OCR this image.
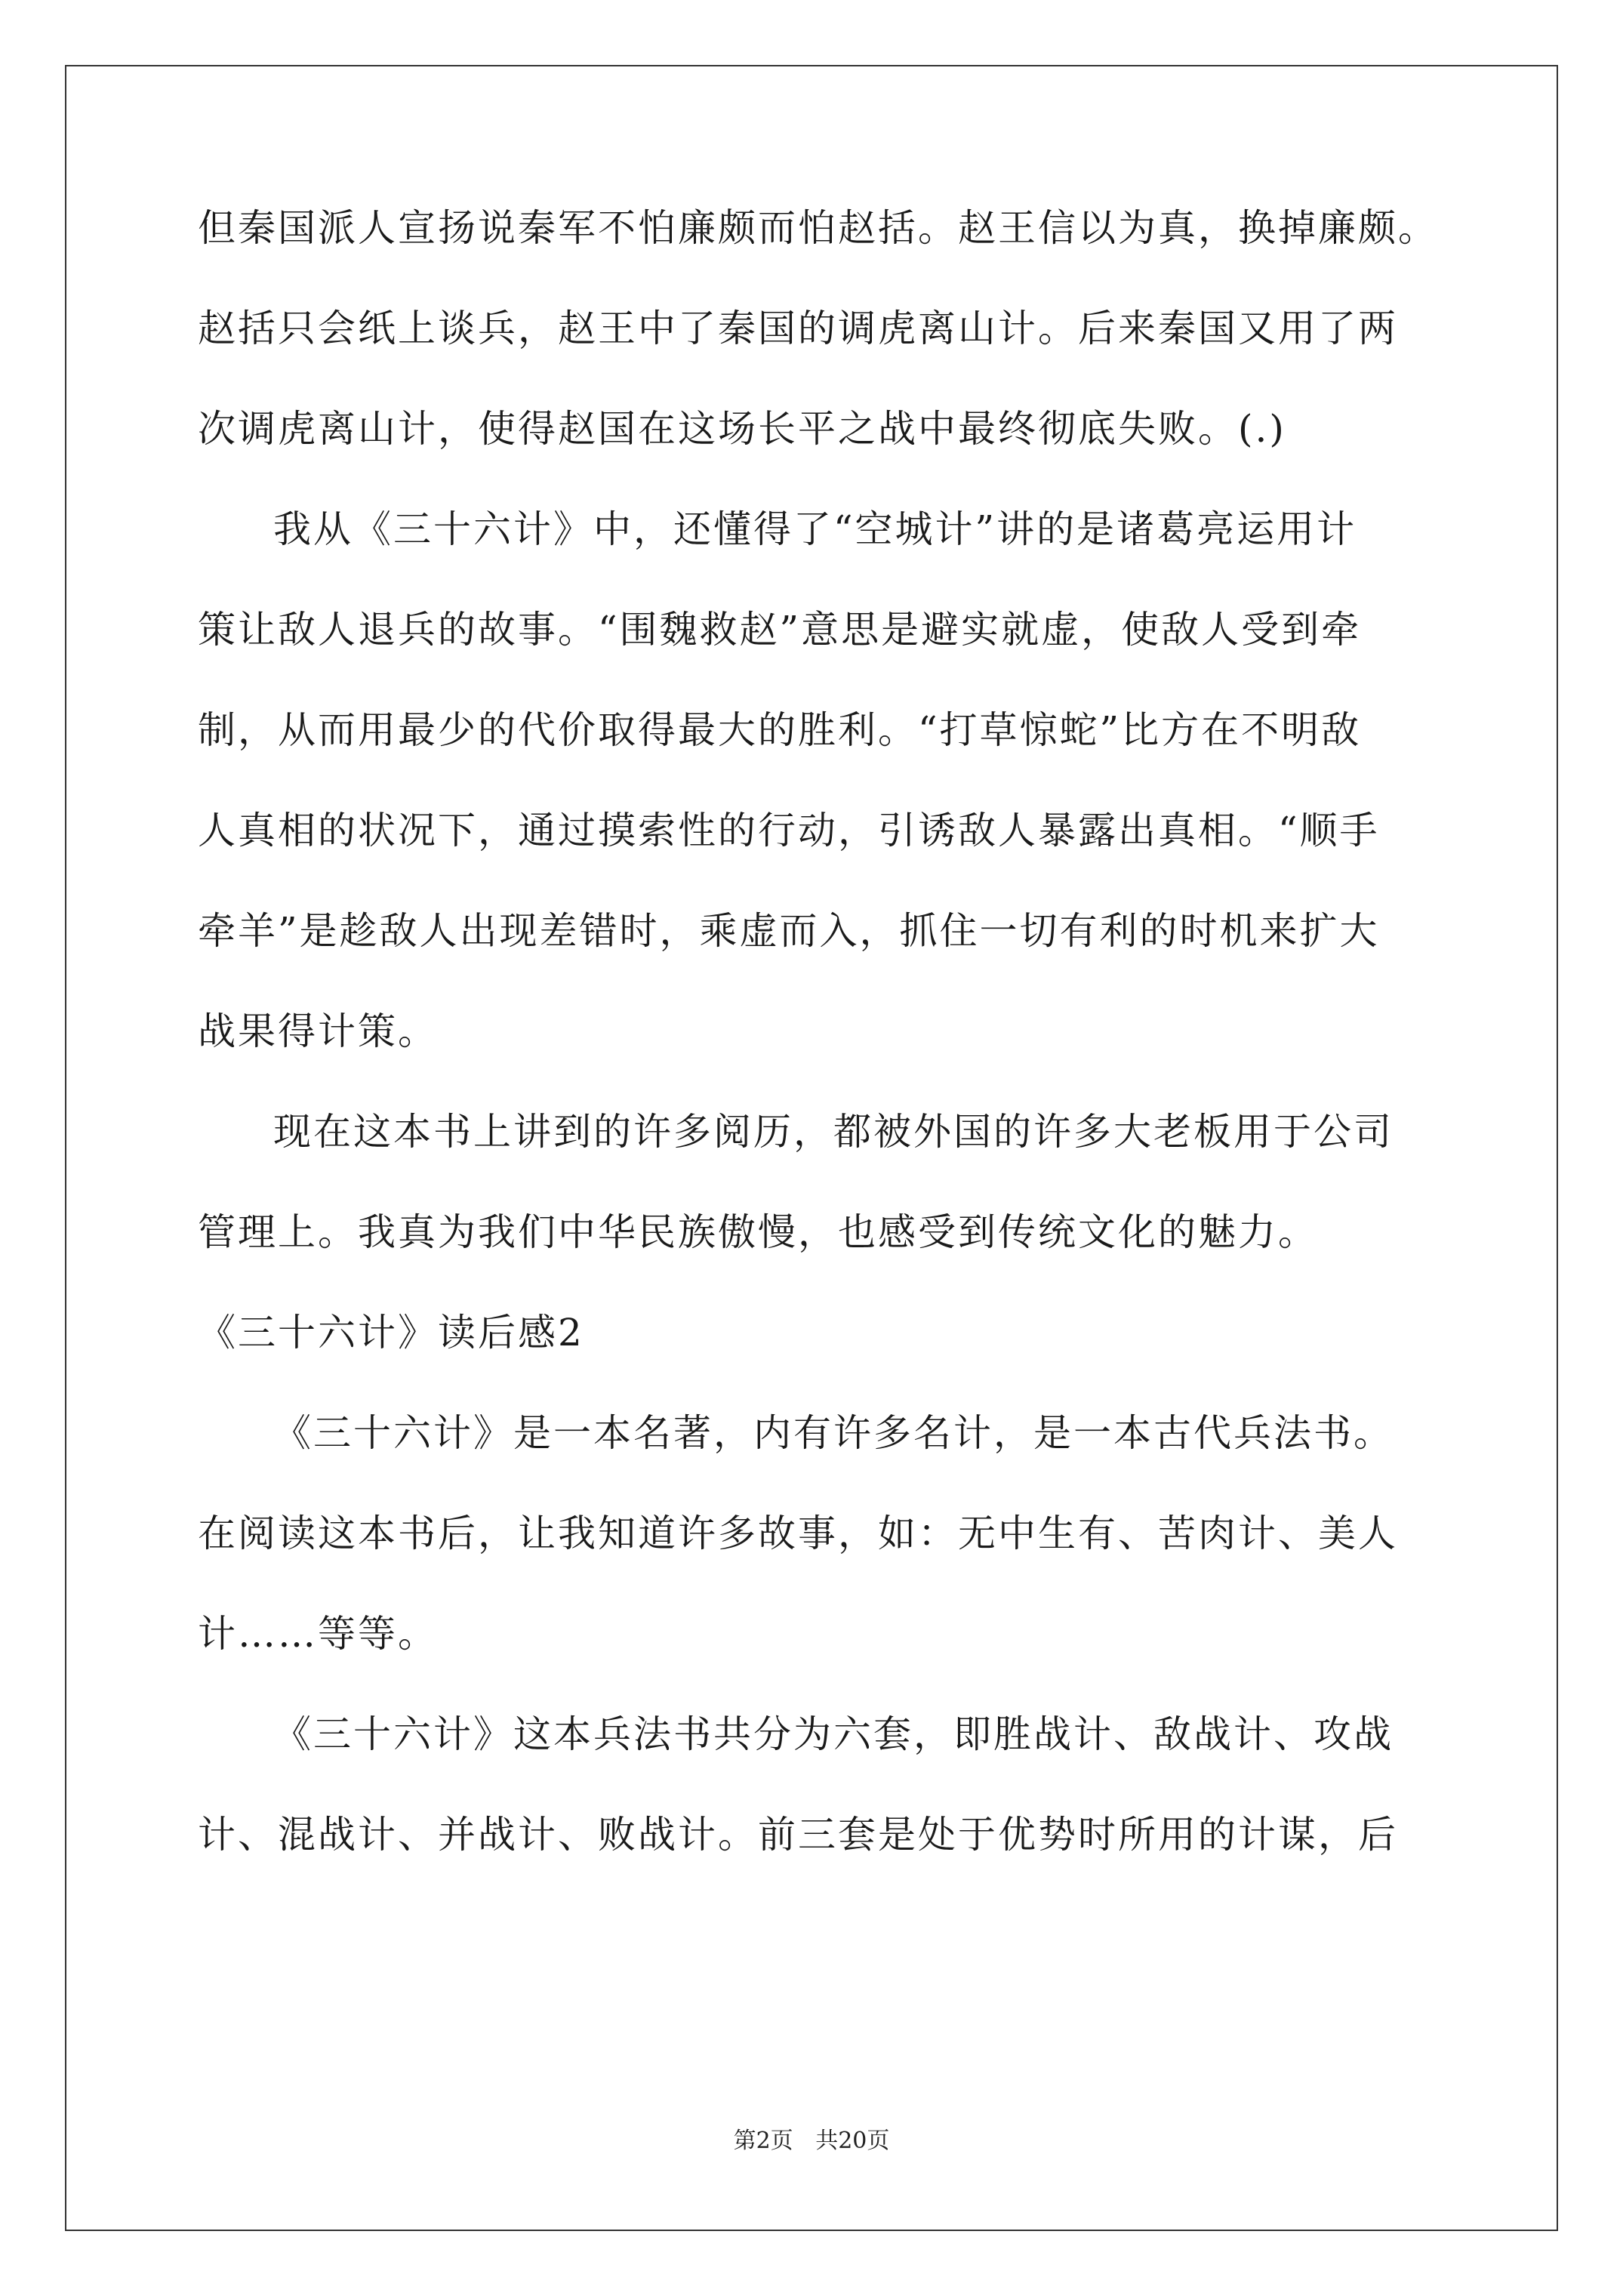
但秦国派人宣扬说秦军不怕廉颇而怕赵括。赵王信以为真，换掉廉颇。
赵括只会纸上谈兵，赵王中了秦国的调虎离山计。后来秦国又用了两
次调虎离山计，使得赵国在这场长平之战中最终彻底失败。(.)
我从《三十六计》中，还懂得了“空城计”讲的是诸葛亮运用计
策让敌人退兵的故事。“围魏救赵”意思是避实就虚，使敌人受到牵
制，从而用最少的代价取得最大的胜利。“打草惊蛇”比方在不明敌
人真相的状况下，通过摸索性的行动，引诱敌人暴露出真相。“顺手
牵羊”是趁敌人出现差错时，乘虚而入，抓住一切有利的时机来扩大
战果得计策。
现在这本书上讲到的许多阅历，都被外国的许多大老板用于公司
管理上。我真为我们中华民族傲慢，也感受到传统文化的魅力。
《三十六计》读后感2
《三十六计》是一本名著，内有许多名计，是一本古代兵法书。
在阅读这本书后，让我知道许多故事，如：无中生有、苦肉计、美人
计……等等。
《三十六计》这本兵法书共分为六套，即胜战计、敌战计、攻战
计、混战计、并战计、败战计。前三套是处于优势时所用的计谋，后
第2页 共20页
